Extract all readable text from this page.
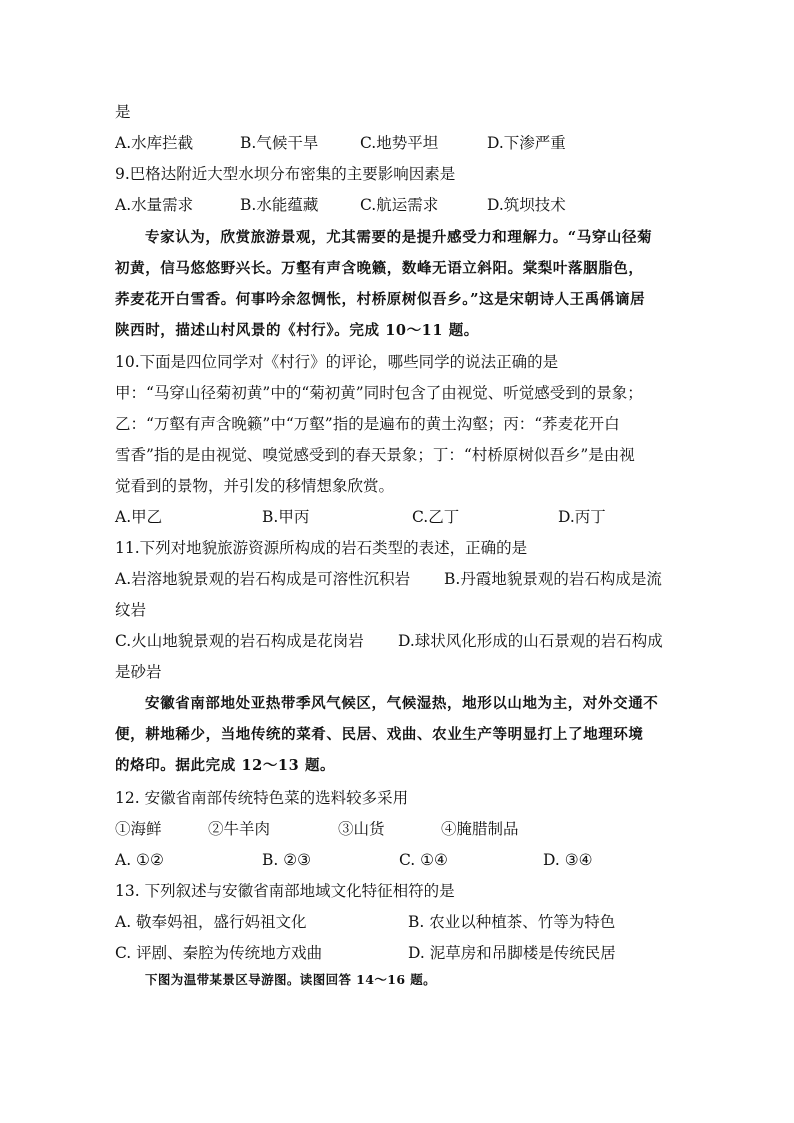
是
A.水库拦截	B.气候干旱	C.地势平坦	D.下渗严重
9.巴格达附近大型水坝分布密集的主要影响因素是
A.水量需求	B.水能蕴藏	C.航运需求	D.筑坝技术
专家认为，欣赏旅游景观，尤其需要的是提升感受力和理解力。“马穿山径菊
初黄，信马悠悠野兴长。万壑有声含晚籁，数峰无语立斜阳。棠梨叶落胭脂色，
荞麦花开白雪香。何事吟余忽惆怅，村桥原树似吾乡。”这是宋朝诗人王禹偁谪居
陕西时，描述山村风景的《村行》。完成 10～11 题。
10.下面是四位同学对《村行》的评论，哪些同学的说法正确的是
甲：“马穿山径菊初黄”中的“菊初黄”同时包含了由视觉、听觉感受到的景象；
乙：“万壑有声含晚籁”中“万壑”指的是遍布的黄土沟壑；丙：“荞麦花开白
雪香”指的是由视觉、嗅觉感受到的春天景象；丁：“村桥原树似吾乡”是由视
觉看到的景物，并引发的移情想象欣赏。
A.甲乙	B.甲丙	C.乙丁	D.丙丁
11.下列对地貌旅游资源所构成的岩石类型的表述，正确的是
A.岩溶地貌景观的岩石构成是可溶性沉积岩 B.丹霞地貌景观的岩石构成是流
纹岩
C.火山地貌景观的岩石构成是花岗岩 D.球状风化形成的山石景观的岩石构成
是砂岩
安徽省南部地处亚热带季风气候区，气候湿热，地形以山地为主，对外交通不
便，耕地稀少，当地传统的菜肴、民居、戏曲、农业生产等明显打上了地理环境
的烙印。据此完成 12～13 题。
12. 安徽省南部传统特色菜的选料较多采用
①海鲜	②牛羊肉	③山货	④腌腊制品
A. ①②	B. ②③	C. ①④	D. ③④
13. 下列叙述与安徽省南部地域文化特征相符的是
A. 敬奉妈祖，盛行妈祖文化	B. 农业以种植茶、竹等为特色
C. 评剧、秦腔为传统地方戏曲	D. 泥草房和吊脚楼是传统民居
下图为温带某景区导游图。读图回答 14～16 题。
